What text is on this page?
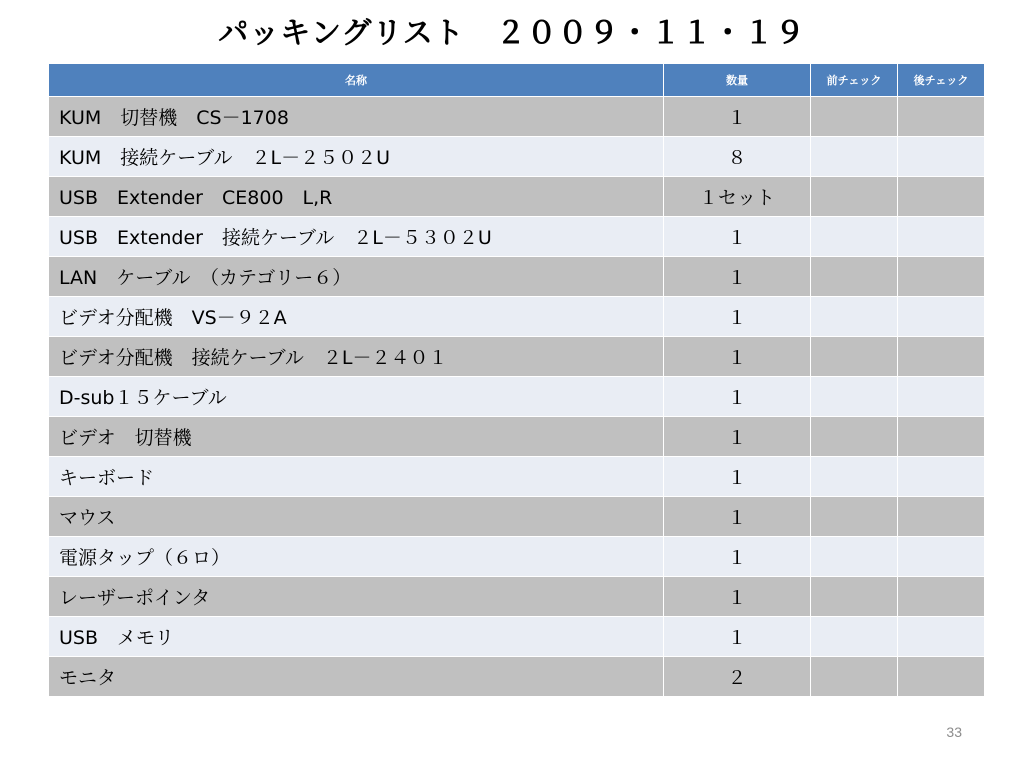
パッキングリスト　２００９・１１・１９
名称	数量	前チェック	後チェック
KUM　切替機　CS－1708	１		
KUM　接続ケーブル　２L－２５０２U	８		
USB　Extender　CE800　L,R	１セット		
USB　Extender　接続ケーブル　２L－５３０２U	１		
LAN　ケーブル　（カテゴリー６）	１		
ビデオ分配機　VS－９２A	１		
ビデオ分配機　接続ケーブル　２L－２４０１	１		
D-sub１５ケーブル	１		
ビデオ　切替機	１		
キーボード	１		
マウス	１		
電源タップ（６ロ）	１		
レーザーポインタ	１		
USB　メモリ	１		
モニタ	２		
33
